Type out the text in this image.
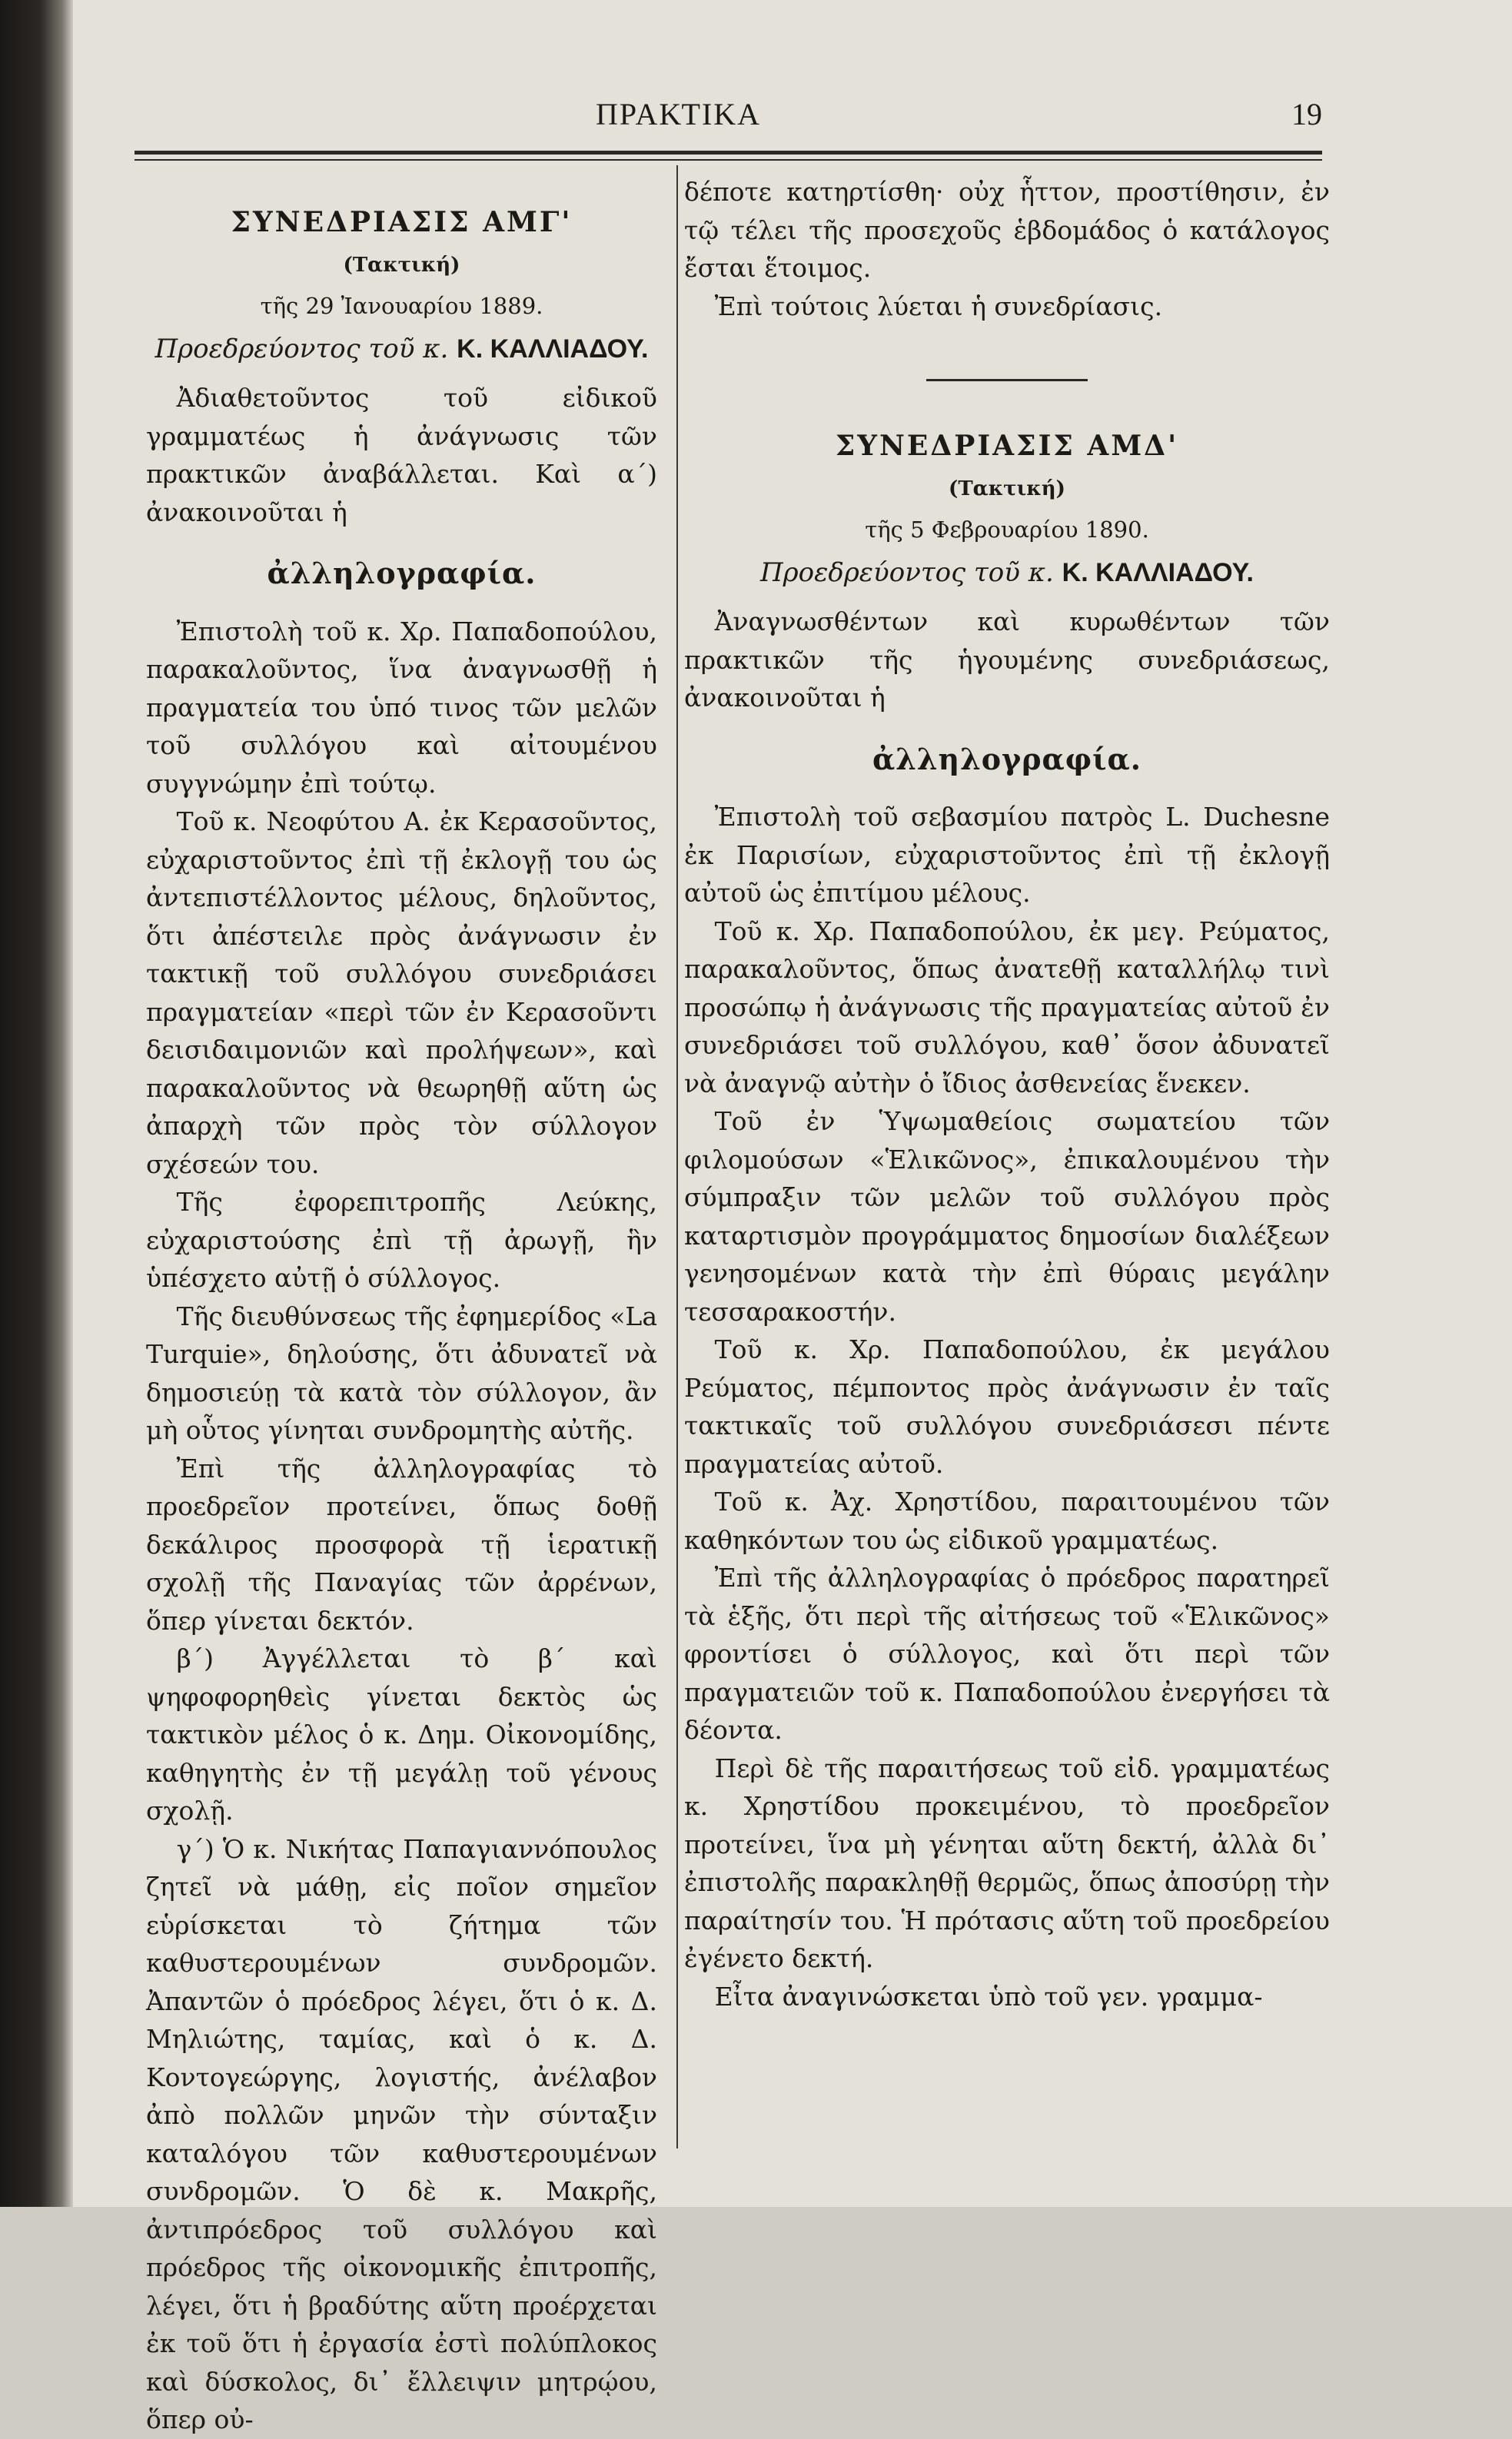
ΠΡΑΚΤΙΚΑ	19
ΣΥΝΕΔΡΙΑΣΙΣ ΑΜΓ'
(Τακτική)
τῆς 29 Ἰανουαρίου 1889.
Προεδρεύοντος τοῦ κ. Κ. ΚΑΛΛΙΑΔΟΥ.

Ἀδιαθετοῦντος τοῦ εἰδικοῦ γραμματέως ἡ ἀνάγνωσις τῶν πρακτικῶν ἀναβάλλεται. Καὶ α΄) ἀνακοινοῦται ἡ

ἀλληλογραφία.

Ἐπιστολὴ τοῦ κ. Χρ. Παπαδοπούλου, παρακαλοῦντος, ἵνα ἀναγνωσθῇ ἡ πραγματεία του ὑπό τινος τῶν μελῶν τοῦ συλλόγου καὶ αἰτουμένου συγγνώμην ἐπὶ τούτῳ.

Τοῦ κ. Νεοφύτου Α. ἐκ Κερασοῦντος, εὐχαριστοῦντος ἐπὶ τῇ ἐκλογῇ του ὡς ἀντεπιστέλλοντος μέλους, δηλοῦντος, ὅτι ἀπέστειλε πρὸς ἀνάγνωσιν ἐν τακτικῇ τοῦ συλλόγου συνεδριάσει πραγματείαν «περὶ τῶν ἐν Κερασοῦντι δεισιδαιμονιῶν καὶ προλήψεων», καὶ παρακαλοῦντος νὰ θεωρηθῇ αὕτη ὡς ἀπαρχὴ τῶν πρὸς τὸν σύλλογον σχέσεών του.

Τῆς ἐφορεπιτροπῆς Λεύκης, εὐχαριστούσης ἐπὶ τῇ ἀρωγῇ, ἣν ὑπέσχετο αὐτῇ ὁ σύλλογος.

Τῆς διευθύνσεως τῆς ἐφημερίδος «La Turquie», δηλούσης, ὅτι ἀδυνατεῖ νὰ δημοσιεύῃ τὰ κατὰ τὸν σύλλογον, ἂν μὴ οὗτος γίνηται συνδρομητὴς αὐτῆς.

Ἐπὶ τῆς ἀλληλογραφίας τὸ προεδρεῖον προτείνει, ὅπως δοθῇ δεκάλιρος προσφορὰ τῇ ἱερατικῇ σχολῇ τῆς Παναγίας τῶν ἀρρένων, ὅπερ γίνεται δεκτόν.

β΄) Ἀγγέλλεται τὸ β΄ καὶ ψηφοφορηθεὶς γίνεται δεκτὸς ὡς τακτικὸν μέλος ὁ κ. Δημ. Οἰκονομίδης, καθηγητὴς ἐν τῇ μεγάλῃ τοῦ γένους σχολῇ.

γ΄) Ὁ κ. Νικήτας Παπαγιαννόπουλος ζητεῖ νὰ μάθῃ, εἰς ποῖον σημεῖον εὑρίσκεται τὸ ζήτημα τῶν καθυστερουμένων συνδρομῶν. Ἀπαντῶν ὁ πρόεδρος λέγει, ὅτι ὁ κ. Δ. Μηλιώτης, ταμίας, καὶ ὁ κ. Δ. Κοντογεώργης, λογιστής, ἀνέλαβον ἀπὸ πολλῶν μηνῶν τὴν σύνταξιν καταλόγου τῶν καθυστερουμένων συνδρομῶν. Ὁ δὲ κ. Μακρῆς, ἀντιπρόεδρος τοῦ συλλόγου καὶ πρόεδρος τῆς οἰκονομικῆς ἐπιτροπῆς, λέγει, ὅτι ἡ βραδύτης αὕτη προέρχεται ἐκ τοῦ ὅτι ἡ ἐργασία ἐστὶ πολύπλοκος καὶ δύσκολος, δι᾽ ἔλλειψιν μητρῴου, ὅπερ οὐ-

δέποτε κατηρτίσθη· οὐχ ἧττον, προστίθησιν, ἐν τῷ τέλει τῆς προσεχοῦς ἑβδομάδος ὁ κατάλογος ἔσται ἕτοιμος.

Ἐπὶ τούτοις λύεται ἡ συνεδρίασις.

ΣΥΝΕΔΡΙΑΣΙΣ ΑΜΔ'
(Τακτική)
τῆς 5 Φεβρουαρίου 1890.
Προεδρεύοντος τοῦ κ. Κ. ΚΑΛΛΙΑΔΟΥ.

Ἀναγνωσθέντων καὶ κυρωθέντων τῶν πρακτικῶν τῆς ἡγουμένης συνεδριάσεως, ἀνακοινοῦται ἡ

ἀλληλογραφία.

Ἐπιστολὴ τοῦ σεβασμίου πατρὸς L. Duchesne ἐκ Παρισίων, εὐχαριστοῦντος ἐπὶ τῇ ἐκλογῇ αὐτοῦ ὡς ἐπιτίμου μέλους.

Τοῦ κ. Χρ. Παπαδοπούλου, ἐκ μεγ. Ρεύματος, παρακαλοῦντος, ὅπως ἀνατεθῇ καταλλήλῳ τινὶ προσώπῳ ἡ ἀνάγνωσις τῆς πραγματείας αὐτοῦ ἐν συνεδριάσει τοῦ συλλόγου, καθ᾽ ὅσον ἀδυνατεῖ νὰ ἀναγνῷ αὐτὴν ὁ ἴδιος ἀσθενείας ἕνεκεν.

Τοῦ ἐν Ὑψωμαθείοις σωματείου τῶν φιλομούσων «Ἑλικῶνος», ἐπικαλουμένου τὴν σύμπραξιν τῶν μελῶν τοῦ συλλόγου πρὸς καταρτισμὸν προγράμματος δημοσίων διαλέξεων γενησομένων κατὰ τὴν ἐπὶ θύραις μεγάλην τεσσαρακοστήν.

Τοῦ κ. Χρ. Παπαδοπούλου, ἐκ μεγάλου Ρεύματος, πέμποντος πρὸς ἀνάγνωσιν ἐν ταῖς τακτικαῖς τοῦ συλλόγου συνεδριάσεσι πέντε πραγματείας αὐτοῦ.

Τοῦ κ. Ἀχ. Χρηστίδου, παραιτουμένου τῶν καθηκόντων του ὡς εἰδικοῦ γραμματέως.

Ἐπὶ τῆς ἀλληλογραφίας ὁ πρόεδρος παρατηρεῖ τὰ ἑξῆς, ὅτι περὶ τῆς αἰτήσεως τοῦ «Ἑλικῶνος» φροντίσει ὁ σύλλογος, καὶ ὅτι περὶ τῶν πραγματειῶν τοῦ κ. Παπαδοπούλου ἐνεργήσει τὰ δέοντα.

Περὶ δὲ τῆς παραιτήσεως τοῦ εἰδ. γραμματέως κ. Χρηστίδου προκειμένου, τὸ προεδρεῖον προτείνει, ἵνα μὴ γένηται αὕτη δεκτή, ἀλλὰ δι᾽ ἐπιστολῆς παρακληθῇ θερμῶς, ὅπως ἀποσύρῃ τὴν παραίτησίν του. Ἡ πρότασις αὕτη τοῦ προεδρείου ἐγένετο δεκτή.

Εἶτα ἀναγινώσκεται ὑπὸ τοῦ γεν. γραμμα-
